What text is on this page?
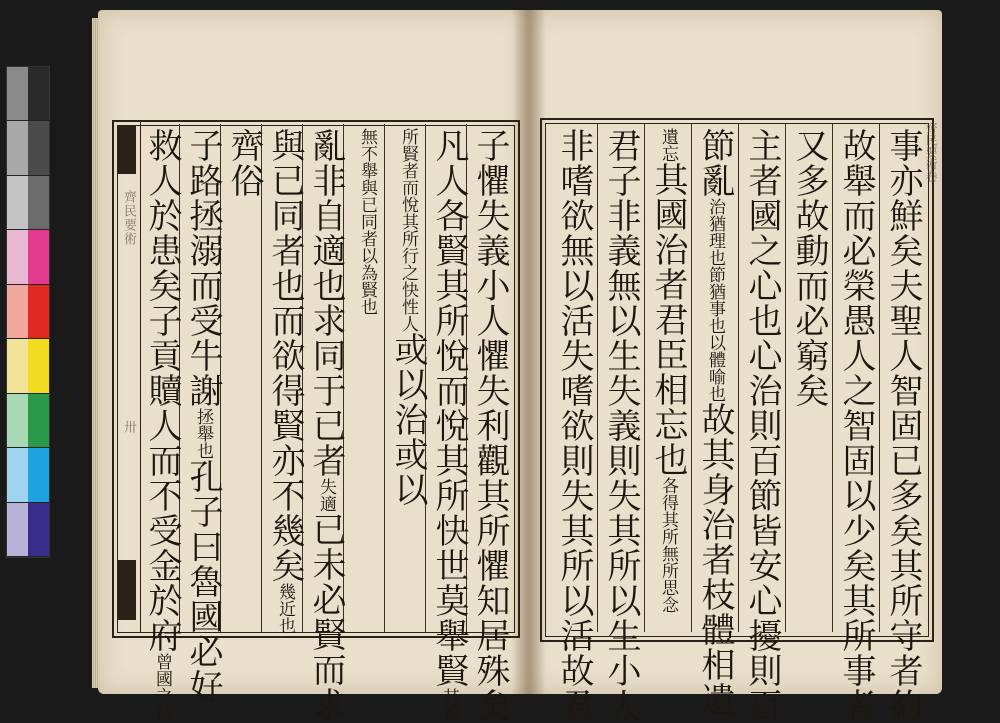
齊民要術
卅
齊民要術卷
事亦鮮矣夫聖人智固已多矣其所守者約
故舉而必榮愚人之智固以少矣其所事者
又多故動而必窮矣
主者國之心也心治則百節皆安心擾則百
節亂治猶理也節猶事也以體喻也故其身治者枝體相遺
遺忘其國治者君臣相忘也各得其所無所思念
君子非義無以生失義則失其所以生小人
非嗜欲無以活失嗜欲則失其所以活故君
子懼失義小人懼失利觀其所懼知居殊矣
凡人各賢其所悅而悅其所快世莫舉賢其悅
所賢者而悅其所行之快性人或以治或以
無不舉與已同者以為賢也
亂非自適也求同于已者失適已未必賢而求
與已同者也而欲得賢亦不幾矣幾近也
齊俗
子路拯溺而受牛謝拯舉也孔子曰魯國必好
救人於患矣子貢贖人而不受金於府曾國之法
